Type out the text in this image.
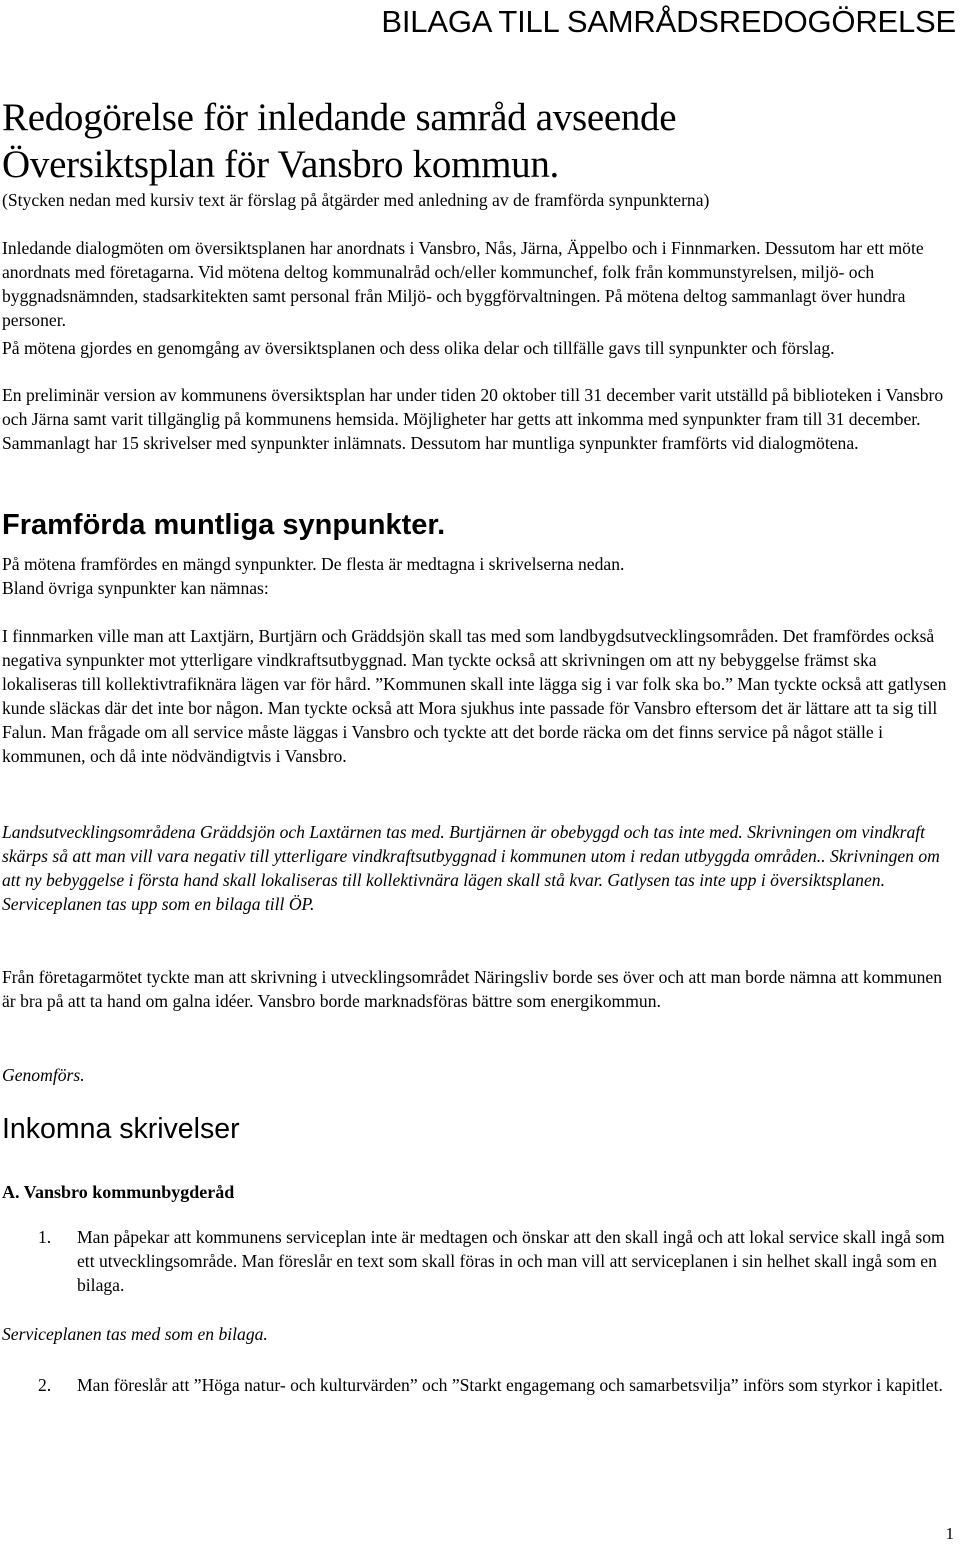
BILAGA TILL SAMRÅDSREDOGÖRELSE
Redogörelse för inledande samråd avseende
Översiktsplan för Vansbro kommun.
(Stycken nedan med kursiv text är förslag på åtgärder med anledning av de framförda synpunkterna)
Inledande dialogmöten om översiktsplanen har anordnats i Vansbro, Nås, Järna, Äppelbo och i Finnmarken. Dessutom har ett möte anordnats med företagarna. Vid mötena deltog kommunalråd och/eller kommunchef, folk från kommunstyrelsen, miljö- och byggnadsnämnden, stadsarkitekten samt personal från Miljö- och byggförvaltningen. På mötena deltog sammanlagt över hundra personer.
På mötena gjordes en genomgång av översiktsplanen och dess olika delar och tillfälle gavs till synpunkter och förslag.
En preliminär version av kommunens översiktsplan har under tiden 20 oktober till 31 december varit utställd på biblioteken i Vansbro och Järna samt varit tillgänglig på kommunens hemsida. Möjligheter har getts att inkomma med synpunkter fram till 31 december. Sammanlagt har 15 skrivelser med synpunkter inlämnats. Dessutom har muntliga synpunkter framförts vid dialogmötena.
Framförda muntliga synpunkter.
På mötena framfördes en mängd synpunkter. De flesta är medtagna i skrivelserna nedan.
Bland övriga synpunkter kan nämnas:
I finnmarken ville man att Laxtjärn, Burtjärn och Gräddsjön skall tas med som landbygdsutvecklingsområden. Det framfördes också negativa synpunkter mot ytterligare vindkraftsutbyggnad. Man tyckte också att skrivningen om att ny bebyggelse främst ska lokaliseras till kollektivtrafiknära lägen var för hård. ”Kommunen skall inte lägga sig i var folk ska bo.” Man tyckte också att gatlysen kunde släckas där det inte bor någon. Man tyckte också att Mora sjukhus inte passade för Vansbro eftersom det är lättare att ta sig till Falun. Man frågade om all service måste läggas i Vansbro och tyckte att det borde räcka om det finns service på något ställe i kommunen, och då inte nödvändigtvis i Vansbro.
Landsutvecklingsområdena Gräddsjön och Laxtärnen tas med. Burtjärnen är obebyggd och tas inte med. Skrivningen om vindkraft skärps så att man vill vara negativ till ytterligare vindkraftsutbyggnad i kommunen utom i redan utbyggda områden.. Skrivningen om att ny bebyggelse i första hand skall lokaliseras till kollektivnära lägen skall stå kvar. Gatlysen tas inte upp i översiktsplanen. Serviceplanen tas upp som en bilaga till ÖP.
Från företagarmötet tyckte man att skrivning i utvecklingsområdet Näringsliv borde ses över och att man borde nämna att kommunen är bra på att ta hand om galna idéer. Vansbro borde marknadsföras bättre som energikommun.
Genomförs.
Inkomna skrivelser
A. Vansbro kommunbygderåd
1. Man påpekar att kommunens serviceplan inte är medtagen och önskar att den skall ingå och att lokal service skall ingå som ett utvecklingsområde. Man föreslår en text som skall föras in och man vill att serviceplanen i sin helhet skall ingå som en bilaga.
Serviceplanen tas med som en bilaga.
2. Man föreslår att ”Höga natur- och kulturvärden” och ”Starkt engagemang och samarbetsvilja” införs som styrkor i kapitlet.
1
